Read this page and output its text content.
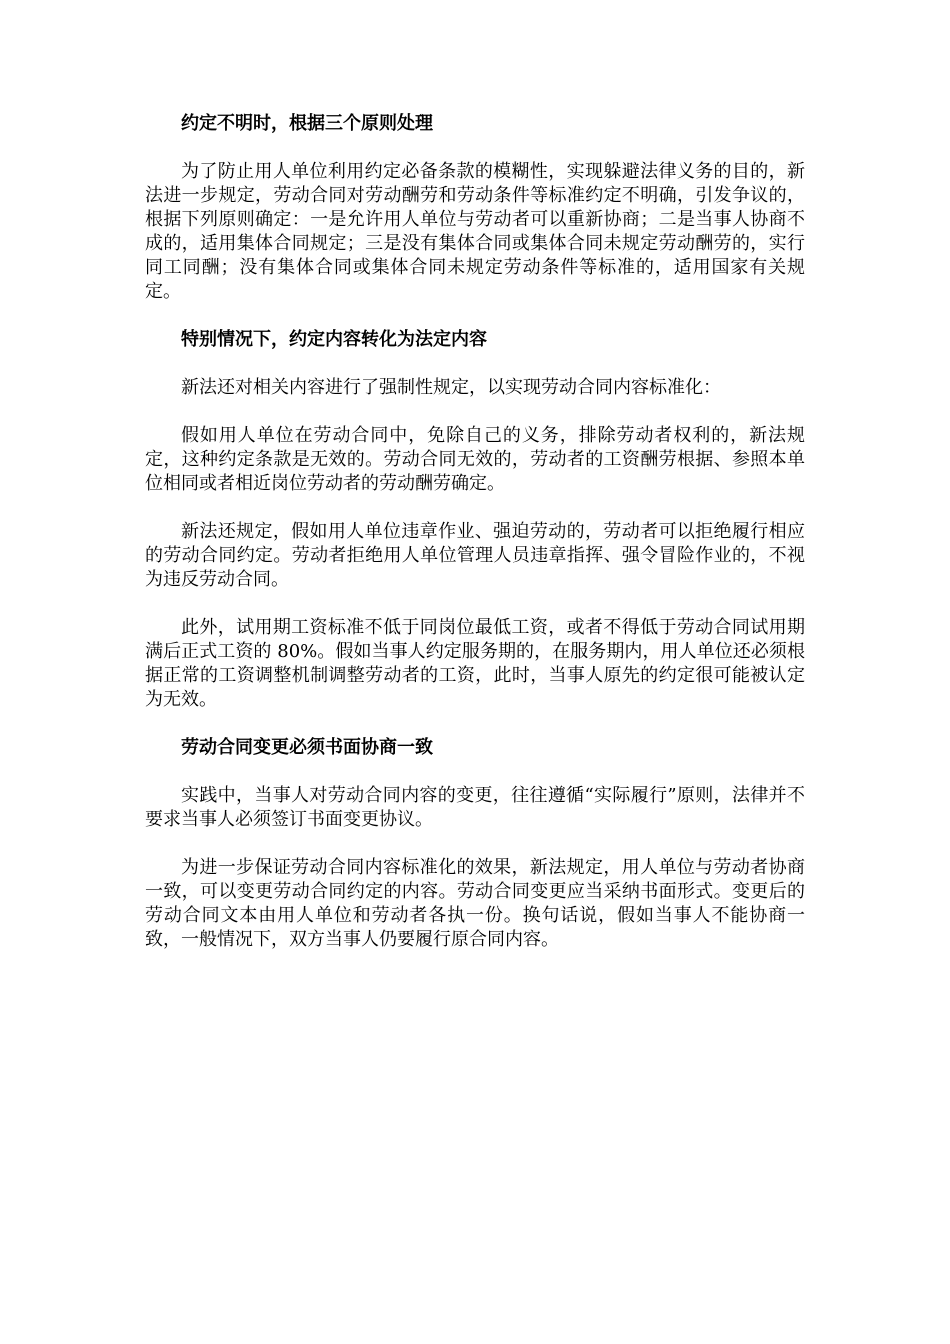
约定不明时，根据三个原则处理
为了防止用人单位利用约定必备条款的模糊性，实现躲避法律义务的目的，新法进一步规定，劳动合同对劳动酬劳和劳动条件等标准约定不明确，引发争议的，根据下列原则确定：一是允许用人单位与劳动者可以重新协商；二是当事人协商不成的，适用集体合同规定；三是没有集体合同或集体合同未规定劳动酬劳的，实行同工同酬；没有集体合同或集体合同未规定劳动条件等标准的，适用国家有关规定。
特别情况下，约定内容转化为法定内容
新法还对相关内容进行了强制性规定，以实现劳动合同内容标准化：
假如用人单位在劳动合同中，免除自己的义务，排除劳动者权利的，新法规定，这种约定条款是无效的。劳动合同无效的，劳动者的工资酬劳根据、参照本单位相同或者相近岗位劳动者的劳动酬劳确定。
新法还规定，假如用人单位违章作业、强迫劳动的，劳动者可以拒绝履行相应的劳动合同约定。劳动者拒绝用人单位管理人员违章指挥、强令冒险作业的，不视为违反劳动合同。
此外，试用期工资标准不低于同岗位最低工资，或者不得低于劳动合同试用期满后正式工资的 80%。假如当事人约定服务期的，在服务期内，用人单位还必须根据正常的工资调整机制调整劳动者的工资，此时，当事人原先的约定很可能被认定为无效。
劳动合同变更必须书面协商一致
实践中，当事人对劳动合同内容的变更，往往遵循“实际履行”原则，法律并不要求当事人必须签订书面变更协议。
为进一步保证劳动合同内容标准化的效果，新法规定，用人单位与劳动者协商一致，可以变更劳动合同约定的内容。劳动合同变更应当采纳书面形式。变更后的劳动合同文本由用人单位和劳动者各执一份。换句话说，假如当事人不能协商一致，一般情况下，双方当事人仍要履行原合同内容。
